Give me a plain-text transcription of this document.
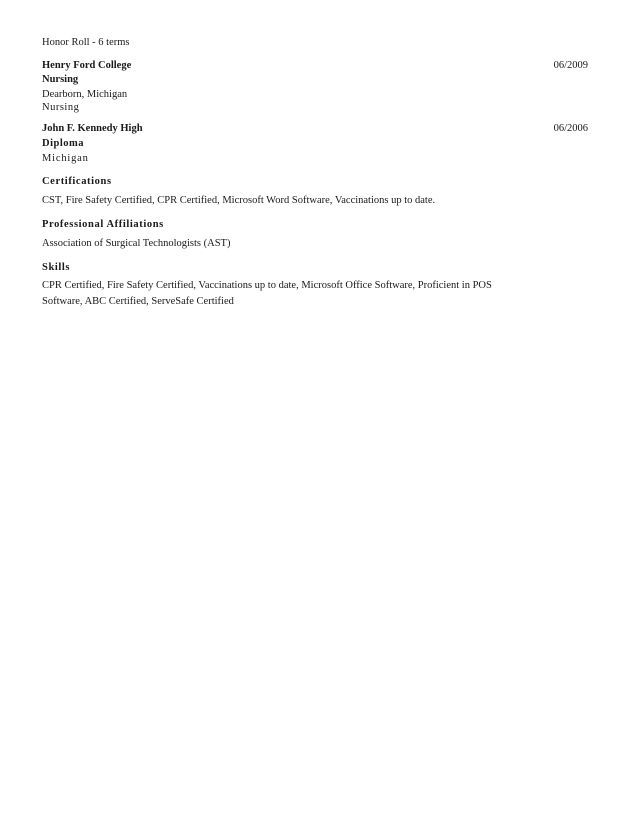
Honor Roll - 6 terms
Henry Ford College	06/2009
Nursing
Dearborn, Michigan
Nursing
John F. Kennedy High	06/2006
Diploma
Michigan
Certifications
CST, Fire Safety Certified, CPR Certified, Microsoft Word Software, Vaccinations up to date.
Professional Affiliations
Association of Surgical Technologists (AST)
Skills
CPR Certified, Fire Safety Certified, Vaccinations up to date, Microsoft Office Software, Proficient in POS Software, ABC Certified, ServeSafe Certified
